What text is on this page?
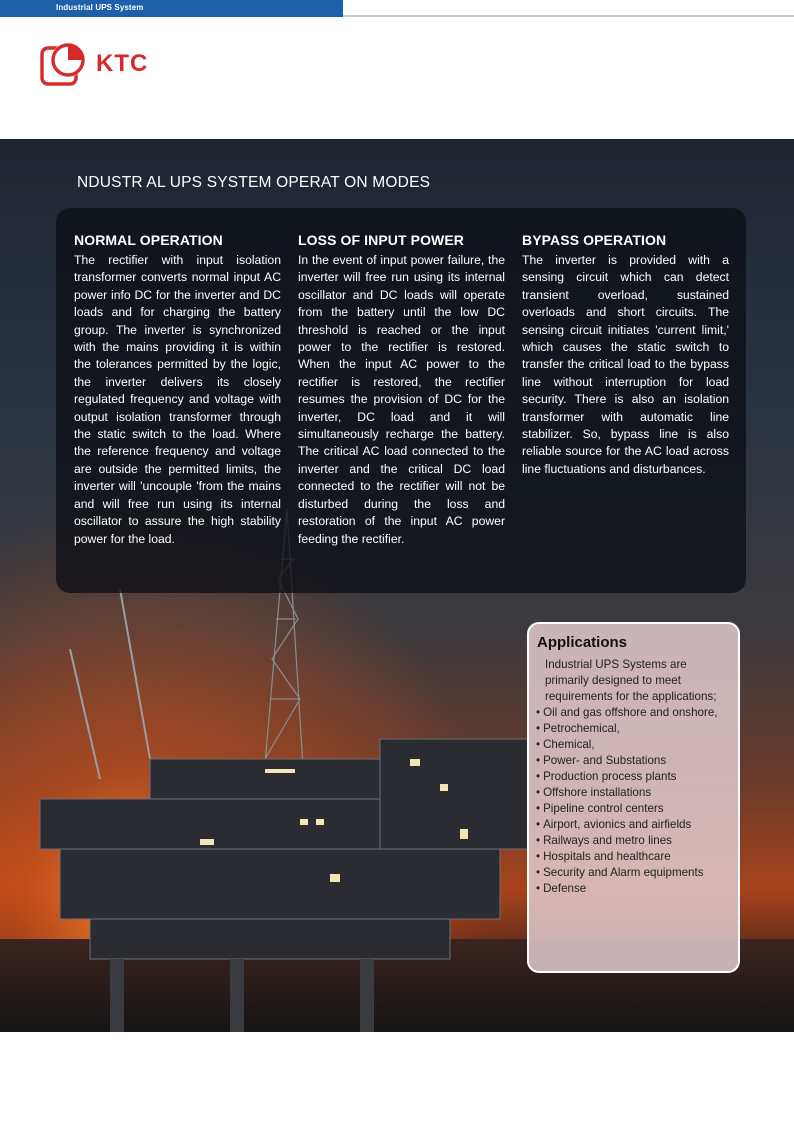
Industrial UPS System
KTC
NDUSTR AL UPS SYSTEM OPERAT ON MODES
NORMAL OPERATION

The rectifier with input isolation transformer converts normal input AC power info DC for the inverter and DC loads and for charging the battery group. The inverter is synchronized with the mains providing it is within the tolerances permitted by the logic, the inverter delivers its closely regulated frequency and voltage with output isolation transformer through the static switch to the load. Where the reference frequency and voltage are outside the permitted limits, the inverter will 'uncouple 'from the mains and will free run using its internal oscillator to assure the high stability power for the load.

LOSS OF INPUT POWER

In the event of input power failure, the inverter will free run using its internal oscillator and DC loads will operate from the battery until the low DC threshold is reached or the input power to the rectifier is restored. When the input AC power to the rectifier is restored, the rectifier resumes the provision of DC for the inverter, DC load and it will simultaneously recharge the battery. The critical AC load connected to the inverter and the critical DC load connected to the rectifier will not be disturbed during the loss and restoration of the input AC power feeding the rectifier.

BYPASS OPERATION

The inverter is provided with a sensing circuit which can detect transient overload, sustained overloads and short circuits. The sensing circuit initiates 'current limit,' which causes the static switch to transfer the critical load to the bypass line without interruption for load security. There is also an isolation transformer with automatic line stabilizer. So, bypass line is also reliable source for the AC load across line fluctuations and disturbances.

Applications

Industrial UPS Systems are primarily designed to meet requirements for the applications;

• Oil and gas offshore and onshore,
• Petrochemical,
• Chemical,
• Power- and Substations
• Production process plants
• Offshore installations
• Pipeline control centers
• Airport, avionics and airfields
• Railways and metro lines
• Hospitals and healthcare
• Security and Alarm equipments
• Defense
